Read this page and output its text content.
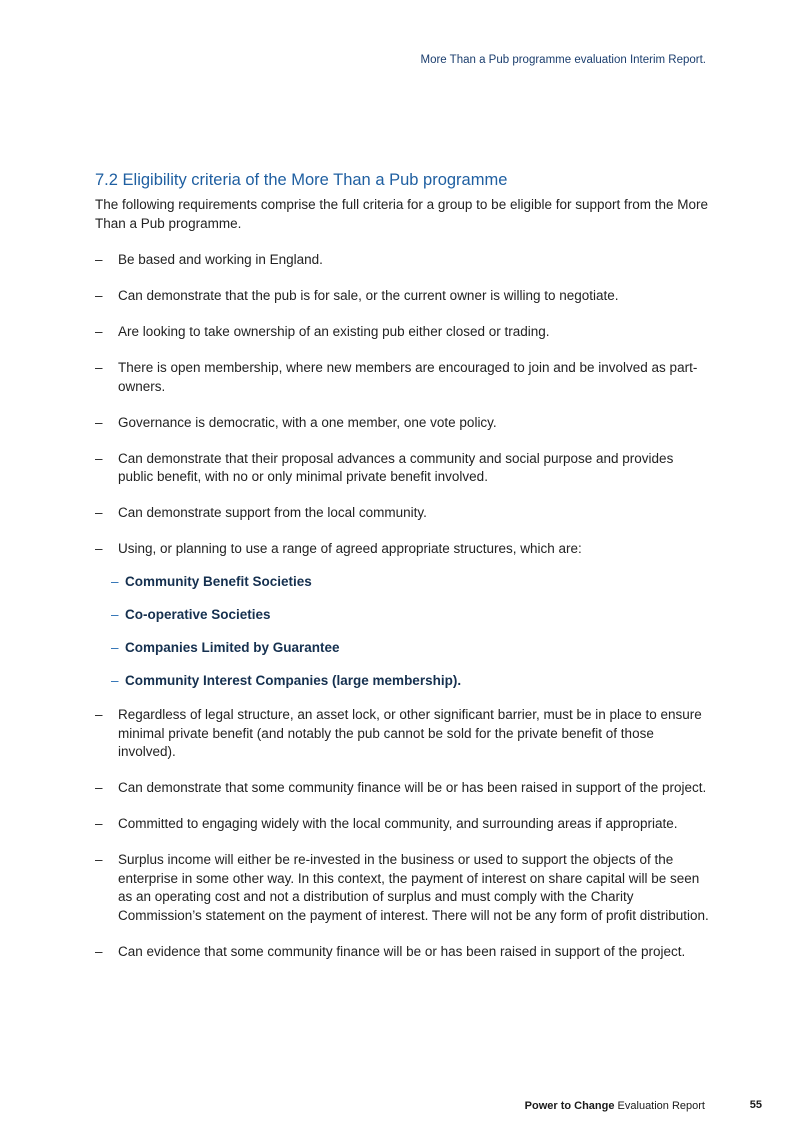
More Than a Pub programme evaluation Interim Report.
7.2 Eligibility criteria of the More Than a Pub programme

The following requirements comprise the full criteria for a group to be eligible for support from the More Than a Pub programme.

– Be based and working in England.
– Can demonstrate that the pub is for sale, or the current owner is willing to negotiate.
– Are looking to take ownership of an existing pub either closed or trading.
– There is open membership, where new members are encouraged to join and be involved as part-owners.
– Governance is democratic, with a one member, one vote policy.
– Can demonstrate that their proposal advances a community and social purpose and provides public benefit, with no or only minimal private benefit involved.
– Can demonstrate support from the local community.
– Using, or planning to use a range of agreed appropriate structures, which are:
– Community Benefit Societies
– Co-operative Societies
– Companies Limited by Guarantee
– Community Interest Companies (large membership).
– Regardless of legal structure, an asset lock, or other significant barrier, must be in place to ensure minimal private benefit (and notably the pub cannot be sold for the private benefit of those involved).
– Can demonstrate that some community finance will be or has been raised in support of the project.
– Committed to engaging widely with the local community, and surrounding areas if appropriate.
– Surplus income will either be re-invested in the business or used to support the objects of the enterprise in some other way. In this context, the payment of interest on share capital will be seen as an operating cost and not a distribution of surplus and must comply with the Charity Commission’s statement on the payment of interest. There will not be any form of profit distribution.
– Can evidence that some community finance will be or has been raised in support of the project.
Power to Change Evaluation Report	55
